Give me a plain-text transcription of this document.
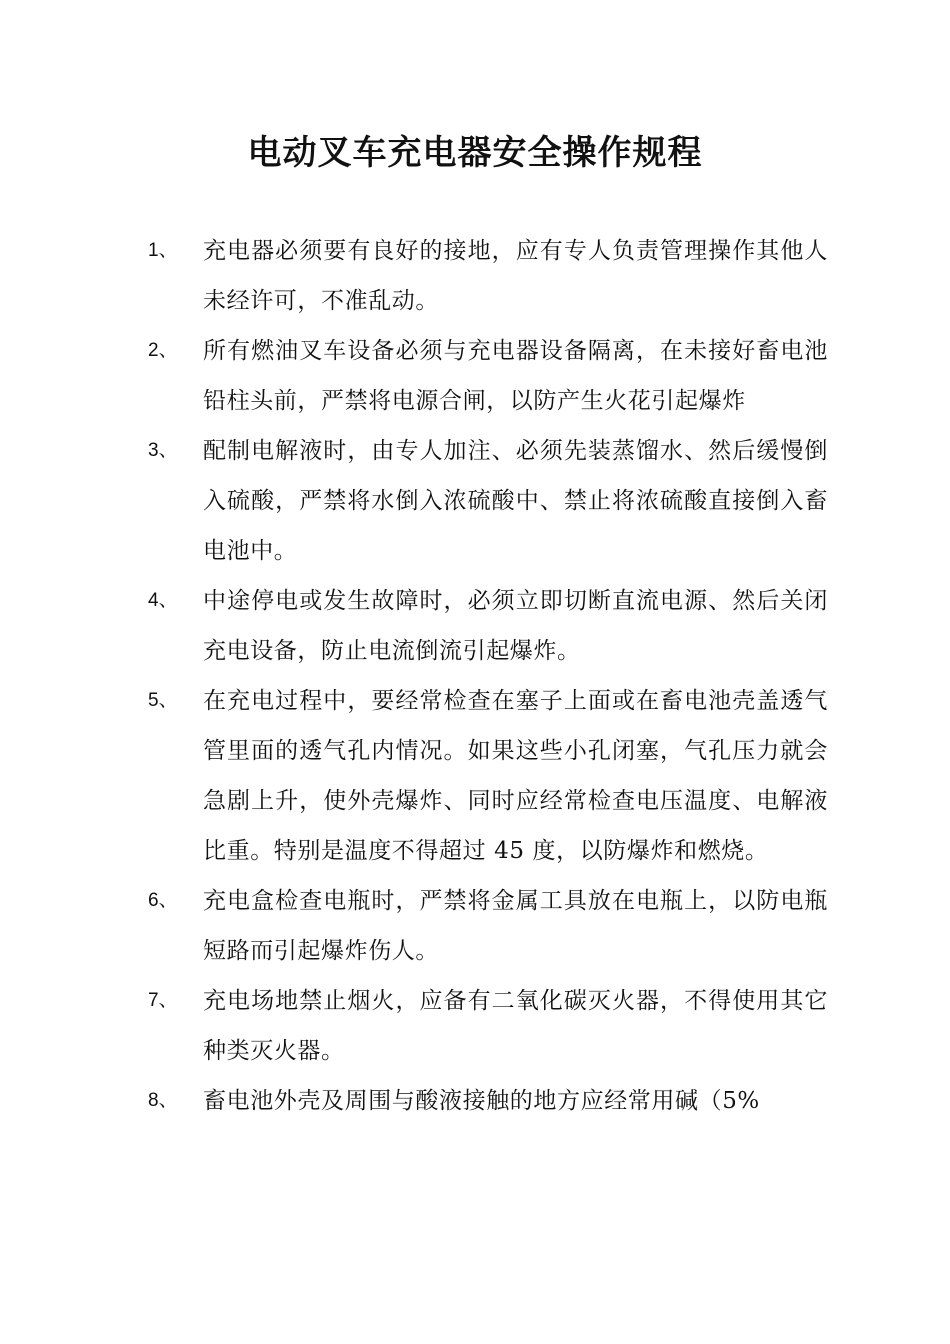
电动叉车充电器安全操作规程
1、	充电器必须要有良好的接地，应有专人负责管理操作其他人未经许可，不准乱动。
2、	所有燃油叉车设备必须与充电器设备隔离，在未接好畜电池铅柱头前，严禁将电源合闸，以防产生火花引起爆炸
3、	配制电解液时，由专人加注、必须先装蒸馏水、然后缓慢倒入硫酸，严禁将水倒入浓硫酸中、禁止将浓硫酸直接倒入畜电池中。
4、	中途停电或发生故障时，必须立即切断直流电源、然后关闭充电设备，防止电流倒流引起爆炸。
5、	在充电过程中，要经常检查在塞子上面或在畜电池壳盖透气管里面的透气孔内情况。如果这些小孔闭塞，气孔压力就会急剧上升，使外壳爆炸、同时应经常检查电压温度、电解液比重。特别是温度不得超过 45 度，以防爆炸和燃烧。
6、	充电盒检查电瓶时，严禁将金属工具放在电瓶上，以防电瓶短路而引起爆炸伤人。
7、	充电场地禁止烟火，应备有二氧化碳灭火器，不得使用其它种类灭火器。
8、	畜电池外壳及周围与酸液接触的地方应经常用碱（5%
